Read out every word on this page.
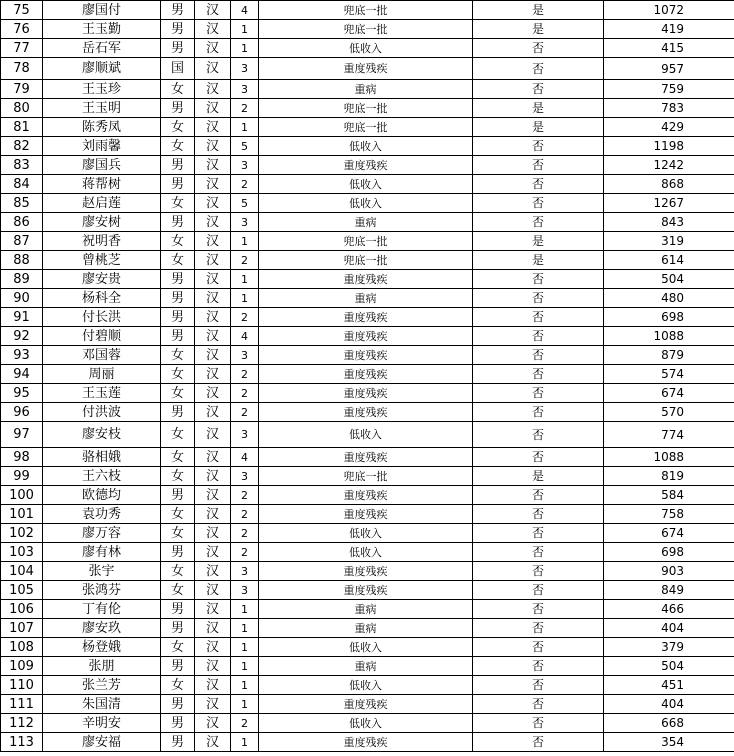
75	廖国付	男	汉	4	兜底一批	是	1072
76	王玉勤	男	汉	1	兜底一批	是	419
77	岳石军	男	汉	1	低收入	否	415
78	廖顺斌	国	汉	3	重度残疾	否	957
79	王玉珍	女	汉	3	重病	否	759
80	王玉明	男	汉	2	兜底一批	是	783
81	陈秀凤	女	汉	1	兜底一批	是	429
82	刘雨馨	女	汉	5	低收入	否	1198
83	廖国兵	男	汉	3	重度残疾	否	1242
84	蒋帮树	男	汉	2	低收入	否	868
85	赵启莲	女	汉	5	低收入	否	1267
86	廖安树	男	汉	3	重病	否	843
87	祝明香	女	汉	1	兜底一批	是	319
88	曾桃芝	女	汉	2	兜底一批	是	614
89	廖安贵	男	汉	1	重度残疾	否	504
90	杨科全	男	汉	1	重病	否	480
91	付长洪	男	汉	2	重度残疾	否	698
92	付碧顺	男	汉	4	重度残疾	否	1088
93	邓国蓉	女	汉	3	重度残疾	否	879
94	周丽	女	汉	2	重度残疾	否	574
95	王玉莲	女	汉	2	重度残疾	否	674
96	付洪波	男	汉	2	重度残疾	否	570
97	廖安枝	女	汉	3	低收入	否	774
98	骆相娥	女	汉	4	重度残疾	否	1088
99	王六枝	女	汉	3	兜底一批	是	819
100	欧德均	男	汉	2	重度残疾	否	584
101	袁功秀	女	汉	2	重度残疾	否	758
102	廖万容	女	汉	2	低收入	否	674
103	廖有林	男	汉	2	低收入	否	698
104	张宇	女	汉	3	重度残疾	否	903
105	张鸿芬	女	汉	3	重度残疾	否	849
106	丁有伦	男	汉	1	重病	否	466
107	廖安玖	男	汉	1	重病	否	404
108	杨登娥	女	汉	1	低收入	否	379
109	张朋	男	汉	1	重病	否	504
110	张兰芳	女	汉	1	低收入	否	451
111	朱国清	男	汉	1	重度残疾	否	404
112	辛明安	男	汉	2	低收入	否	668
113	廖安福	男	汉	1	重度残疾	否	354
